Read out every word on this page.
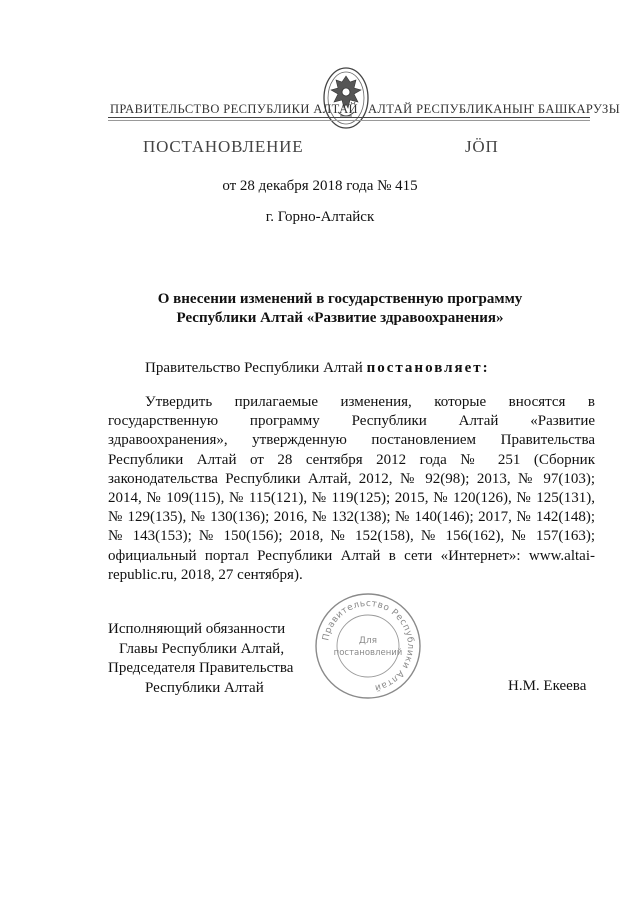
ПРАВИТЕЛЬСТВО РЕСПУБЛИКИ АЛТАЙ АЛТАЙ РЕСПУБЛИКАНЫҤ БАШКАРУЗЫ
ПОСТАНОВЛЕНИЕ	ЈӦП
от 28 декабря 2018 года № 415
г. Горно-Алтайск
О внесении изменений в государственную программу
Республики Алтай «Развитие здравоохранения»
Правительство Республики Алтай постановляет:
Утвердить прилагаемые изменения, которые вносятся в государственную программу Республики Алтай «Развитие здравоохранения», утвержденную постановлением Правительства Республики Алтай от 28 сентября 2012 года № 251 (Сборник законодательства Республики Алтай, 2012, № 92(98); 2013, № 97(103); 2014, № 109(115), № 115(121), № 119(125); 2015, № 120(126), № 125(131), № 129(135), № 130(136); 2016, № 132(138); № 140(146); 2017, № 142(148); № 143(153); № 150(156); 2018, № 152(158), № 156(162), № 157(163); официальный портал Республики Алтай в сети «Интернет»: www.altai-republic.ru, 2018, 27 сентября).
Исполняющий обязанности
Главы Республики Алтай,
Председателя Правительства
Республики Алтай	Н.М. Екеева
Правительство Республики Алтай
Для
постановлений
